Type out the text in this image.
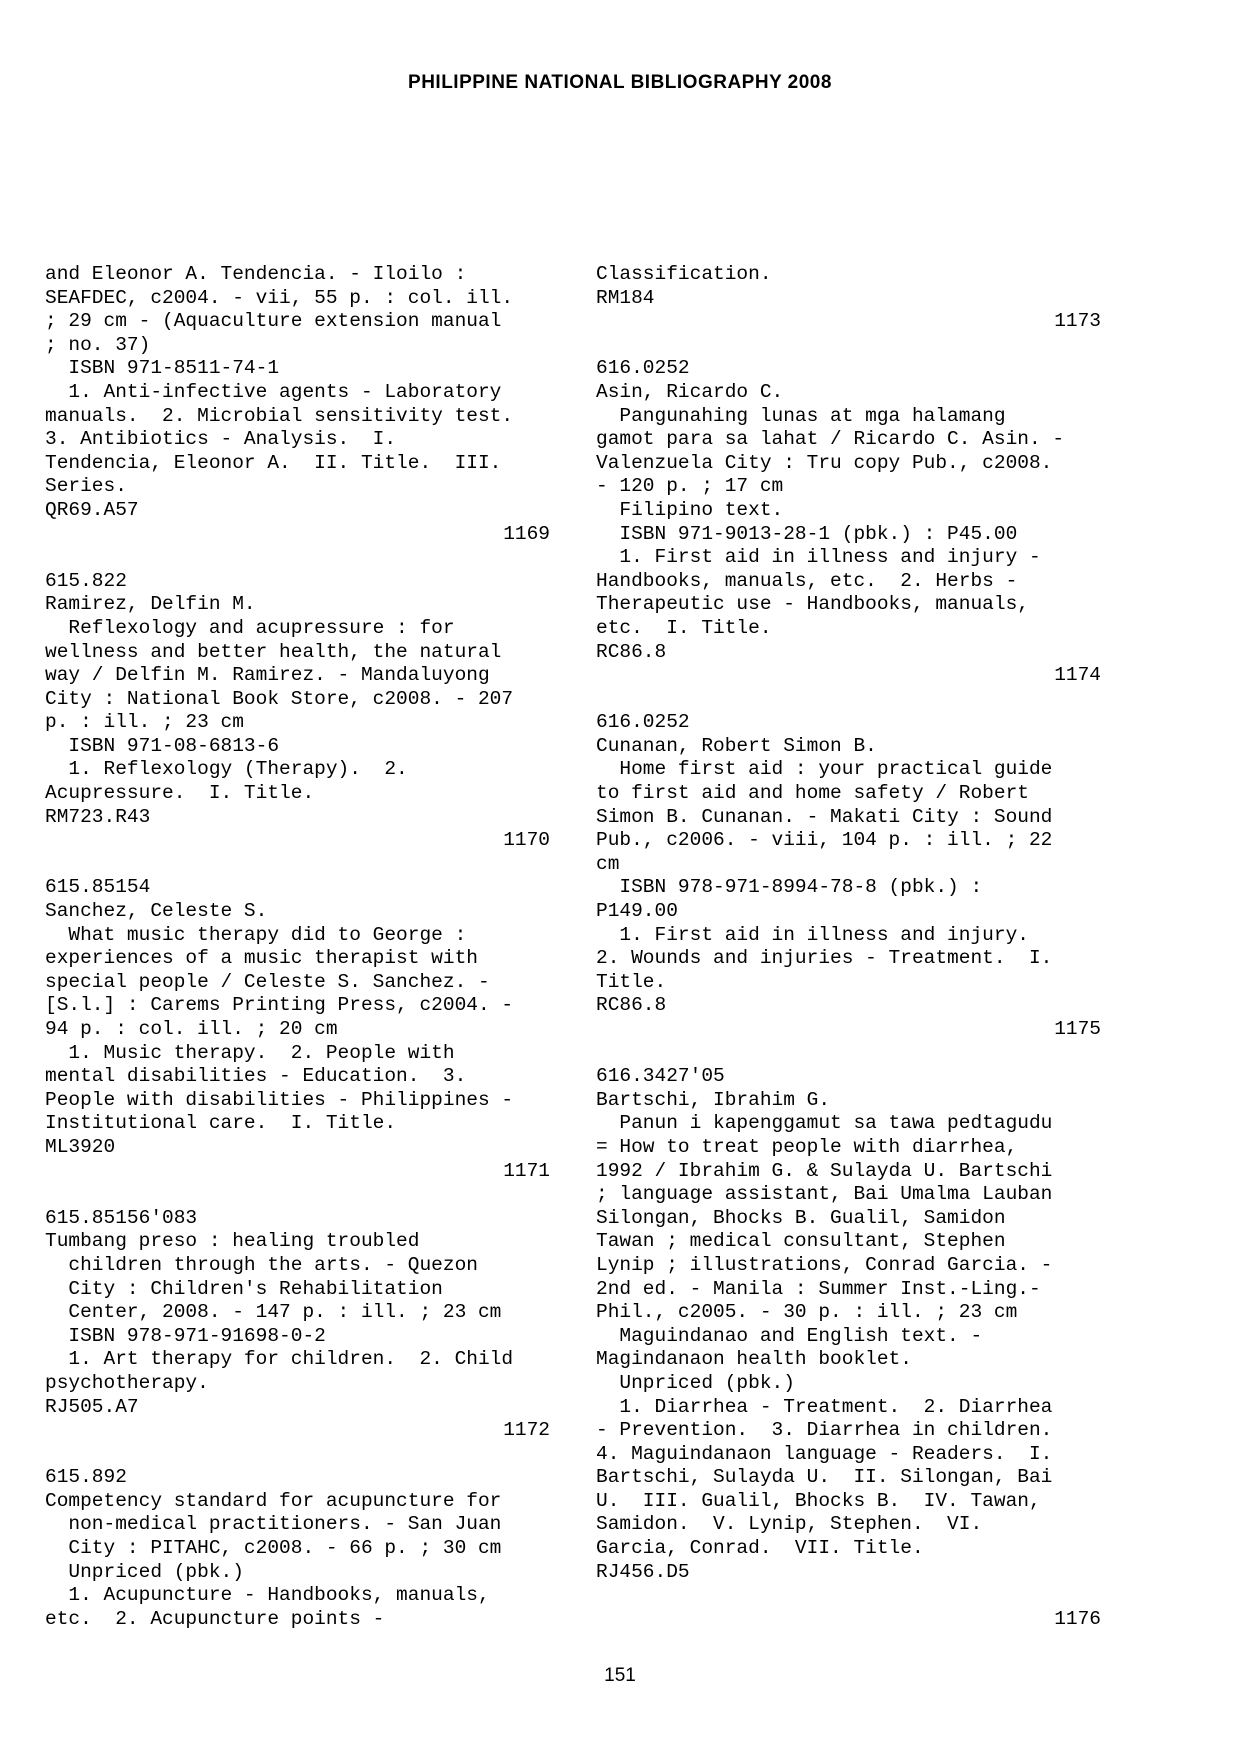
PHILIPPINE NATIONAL BIBLIOGRAPHY 2008
and Eleonor A. Tendencia. - Iloilo :
SEAFDEC, c2004. - vii, 55 p. : col. ill.
; 29 cm - (Aquaculture extension manual
; no. 37)
ISBN 971-8511-74-1
1. Anti-infective agents - Laboratory
manuals.  2. Microbial sensitivity test.
3. Antibiotics - Analysis.  I.
Tendencia, Eleonor A.  II. Title.  III.
Series.
QR69.A57
1169
615.822
Ramirez, Delfin M.
Reflexology and acupressure : for
wellness and better health, the natural
way / Delfin M. Ramirez. - Mandaluyong
City : National Book Store, c2008. - 207
p. : ill. ; 23 cm
ISBN 971-08-6813-6
1. Reflexology (Therapy).  2.
Acupressure.  I. Title.
RM723.R43
1170
615.85154
Sanchez, Celeste S.
What music therapy did to George :
experiences of a music therapist with
special people / Celeste S. Sanchez. -
[S.l.] : Carems Printing Press, c2004. -
94 p. : col. ill. ; 20 cm
1. Music therapy.  2. People with
mental disabilities - Education.  3.
People with disabilities - Philippines -
Institutional care.  I. Title.
ML3920
1171
615.85156'083
Tumbang preso : healing troubled
children through the arts. - Quezon
City : Children's Rehabilitation
Center, 2008. - 147 p. : ill. ; 23 cm
ISBN 978-971-91698-0-2
1. Art therapy for children.  2. Child
psychotherapy.
RJ505.A7
1172
615.892
Competency standard for acupuncture for
non-medical practitioners. - San Juan
City : PITAHC, c2008. - 66 p. ; 30 cm
Unpriced (pbk.)
1. Acupuncture - Handbooks, manuals,
etc.  2. Acupuncture points -
Classification.
RM184
1173
616.0252
Asin, Ricardo C.
Pangunahing lunas at mga halamang
gamot para sa lahat / Ricardo C. Asin. -
Valenzuela City : Tru copy Pub., c2008.
- 120 p. ; 17 cm
Filipino text.
ISBN 971-9013-28-1 (pbk.) : P45.00
1. First aid in illness and injury -
Handbooks, manuals, etc.  2. Herbs -
Therapeutic use - Handbooks, manuals,
etc.  I. Title.
RC86.8
1174
616.0252
Cunanan, Robert Simon B.
Home first aid : your practical guide
to first aid and home safety / Robert
Simon B. Cunanan. - Makati City : Sound
Pub., c2006. - viii, 104 p. : ill. ; 22
cm
ISBN 978-971-8994-78-8 (pbk.) :
P149.00
1. First aid in illness and injury.
2. Wounds and injuries - Treatment.  I.
Title.
RC86.8
1175
616.3427'05
Bartschi, Ibrahim G.
Panun i kapenggamut sa tawa pedtagudu
= How to treat people with diarrhea,
1992 / Ibrahim G. & Sulayda U. Bartschi
; language assistant, Bai Umalma Lauban
Silongan, Bhocks B. Gualil, Samidon
Tawan ; medical consultant, Stephen
Lynip ; illustrations, Conrad Garcia. -
2nd ed. - Manila : Summer Inst.-Ling.-
Phil., c2005. - 30 p. : ill. ; 23 cm
Maguindanao and English text. -
Magindanaon health booklet.
Unpriced (pbk.)
1. Diarrhea - Treatment.  2. Diarrhea
- Prevention.  3. Diarrhea in children.
4. Maguindanaon language - Readers.  I.
Bartschi, Sulayda U.  II. Silongan, Bai
U.  III. Gualil, Bhocks B.  IV. Tawan,
Samidon.  V. Lynip, Stephen.  VI.
Garcia, Conrad.  VII. Title.
RJ456.D5
1176
151
